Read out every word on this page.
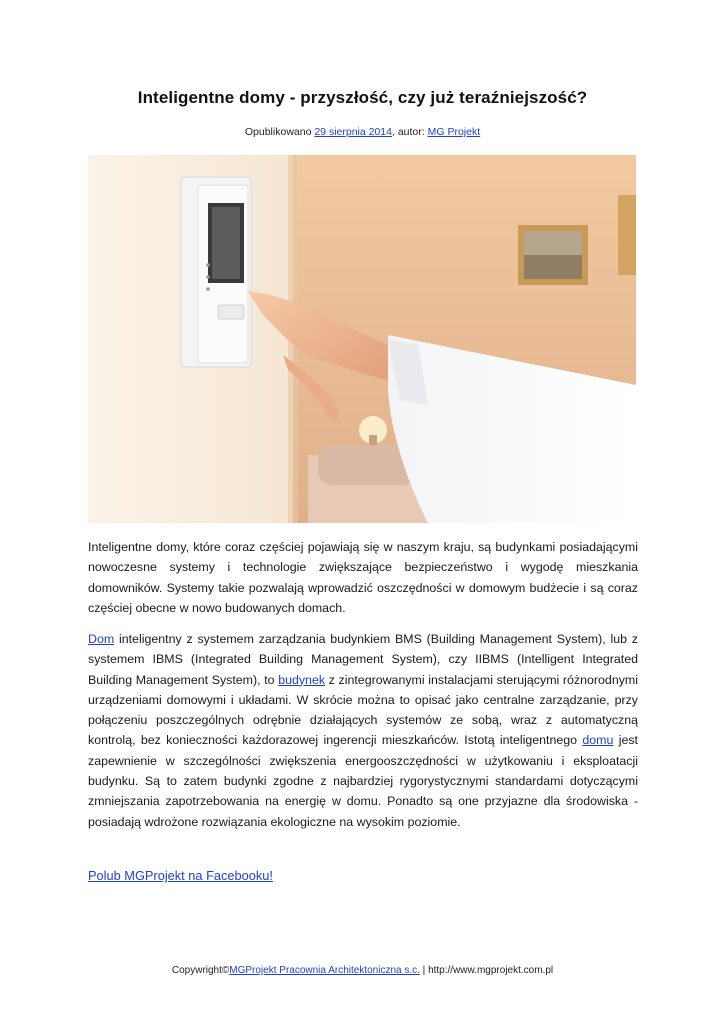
Inteligentne domy - przyszłość, czy już teraźniejszość?
Opublikowano 29 sierpnia 2014, autor: MG Projekt
Inteligentne domy, które coraz częściej pojawiają się w naszym kraju, są budynkami posiadającymi nowoczesne systemy i technologie zwiększające bezpieczeństwo i wygodę mieszkania domowników. Systemy takie pozwalają wprowadzić oszczędności w domowym budżecie i są coraz częściej obecne w nowo budowanych domach.
Dom inteligentny z systemem zarządzania budynkiem BMS (Building Management System), lub z systemem IBMS (Integrated Building Management System), czy IIBMS (Intelligent Integrated Building Management System), to budynek z zintegrowanymi instalacjami sterującymi różnorodnymi urządzeniami domowymi i układami. W skrócie można to opisać jako centralne zarządzanie, przy połączeniu poszczególnych odrębnie działających systemów ze sobą, wraz z automatyczną kontrolą, bez konieczności każdorazowej ingerencji mieszkańców. Istotą inteligentnego domu jest zapewnienie w szczególności zwiększenia energooszczędności w użytkowaniu i eksploatacji budynku. Są to zatem budynki zgodne z najbardziej rygorystycznymi standardami dotyczącymi zmniejszania zapotrzebowania na energię w domu. Ponadto są one przyjazne dla środowiska - posiadają wdrożone rozwiązania ekologiczne na wysokim poziomie.
Polub MGProjekt na Facebooku!
Copywright©MGProjekt Pracownia Architektoniczna s.c. | http://www.mgprojekt.com.pl
